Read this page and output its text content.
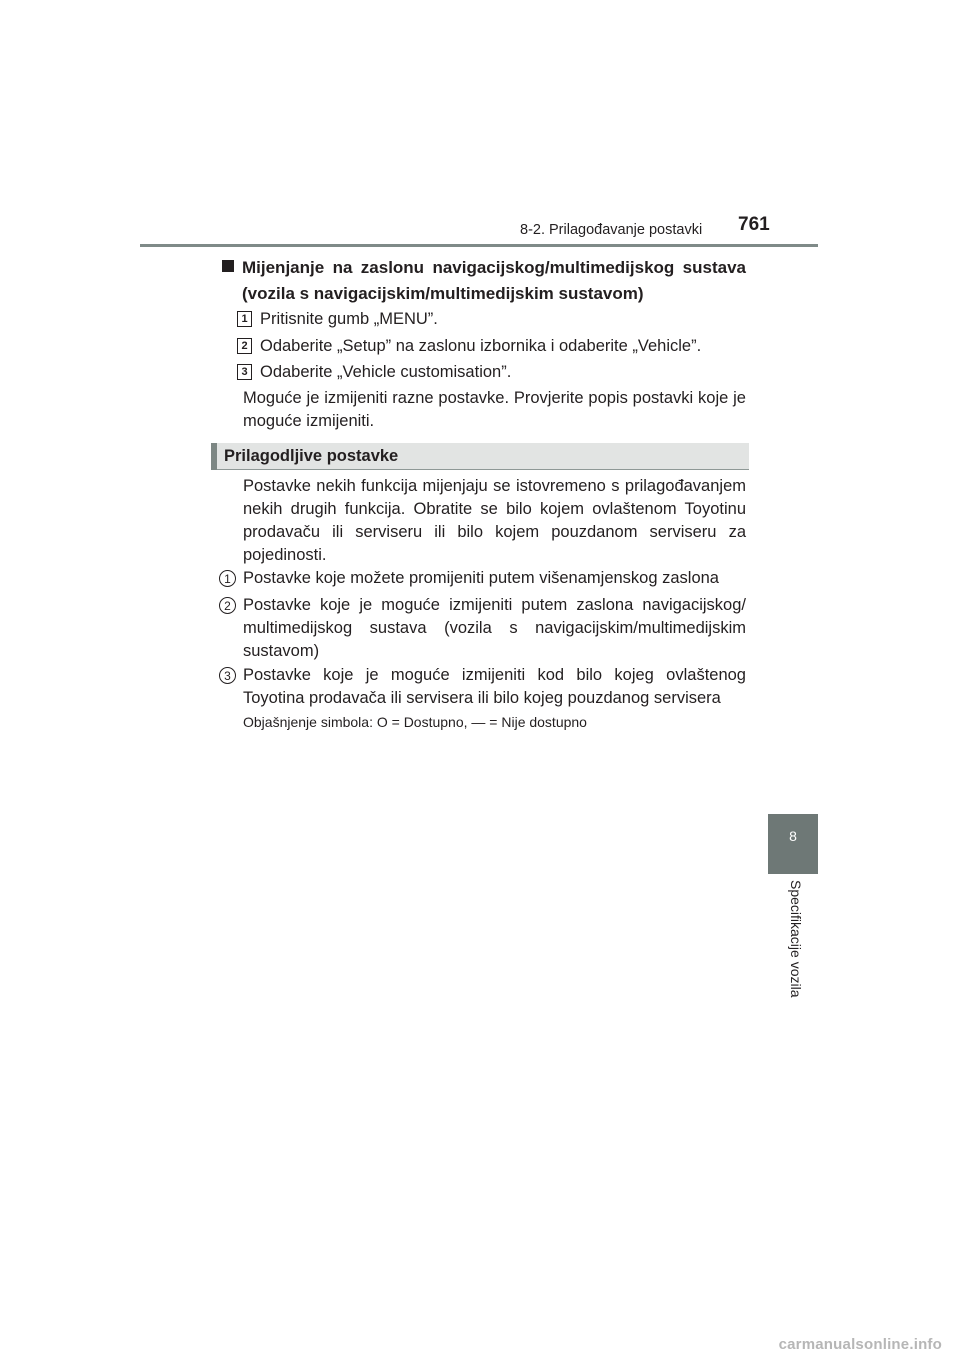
8-2. Prilagođavanje postavki 761
8
Specifikacije vozila
Mijenjanje na zaslonu navigacijskog/multimedijskog sustava (vozila s navigacijskim/multimedijskim sustavom)
1 Pritisnite gumb „MENU”.
2 Odaberite „Setup” na zaslonu izbornika i odaberite „Vehicle”.
3 Odaberite „Vehicle customisation”.
Moguće je izmijeniti razne postavke. Provjerite popis postavki koje je moguće izmijeniti.
Prilagodljive postavke
Postavke nekih funkcija mijenjaju se istovremeno s prilagođavanjem nekih drugih funkcija. Obratite se bilo kojem ovlaštenom Toyotinu prodavaču ili serviseru ili bilo kojem pouzdanom serviseru za pojedinosti.
1 Postavke koje možete promijeniti putem višenamjenskog zaslona
2 Postavke koje je moguće izmijeniti putem zaslona navigacijskog/ multimedijskog sustava (vozila s navigacijskim/multimedijskim sustavom)
3 Postavke koje je moguće izmijeniti kod bilo kojeg ovlaštenog Toyotina prodavača ili servisera ili bilo kojeg pouzdanog servisera
Objašnjenje simbola: O = Dostupno, — = Nije dostupno
carmanualsonline.info
